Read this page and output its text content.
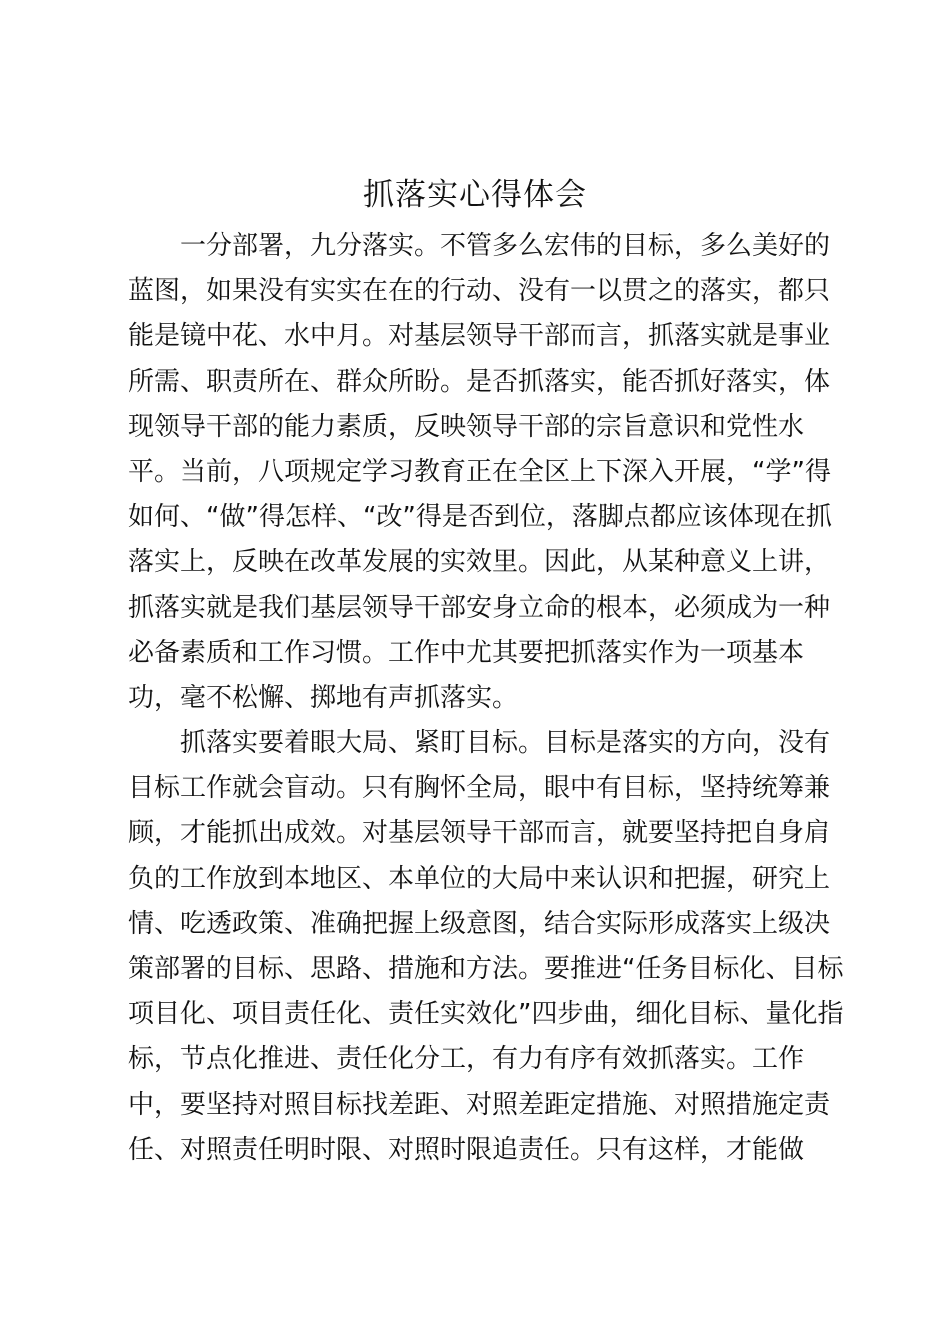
抓落实心得体会

一分部署，九分落实。不管多么宏伟的目标，多么美好的

蓝图，如果没有实实在在的行动、没有一以贯之的落实，都只

能是镜中花、水中月。对基层领导干部而言，抓落实就是事业

所需、职责所在、群众所盼。是否抓落实，能否抓好落实，体

现领导干部的能力素质，反映领导干部的宗旨意识和党性水

平。当前，八项规定学习教育正在全区上下深入开展，“学”得

如何、“做”得怎样、“改”得是否到位，落脚点都应该体现在抓

落实上，反映在改革发展的实效里。因此，从某种意义上讲，

抓落实就是我们基层领导干部安身立命的根本，必须成为一种

必备素质和工作习惯。工作中尤其要把抓落实作为一项基本

功，毫不松懈、掷地有声抓落实。

抓落实要着眼大局、紧盯目标。目标是落实的方向，没有

目标工作就会盲动。只有胸怀全局，眼中有目标，坚持统筹兼

顾，才能抓出成效。对基层领导干部而言，就要坚持把自身肩

负的工作放到本地区、本单位的大局中来认识和把握，研究上

情、吃透政策、准确把握上级意图，结合实际形成落实上级决

策部署的目标、思路、措施和方法。要推进“任务目标化、目标

项目化、项目责任化、责任实效化”四步曲，细化目标、量化指

标，节点化推进、责任化分工，有力有序有效抓落实。工作

中，要坚持对照目标找差距、对照差距定措施、对照措施定责

任、对照责任明时限、对照时限追责任。只有这样，才能做
